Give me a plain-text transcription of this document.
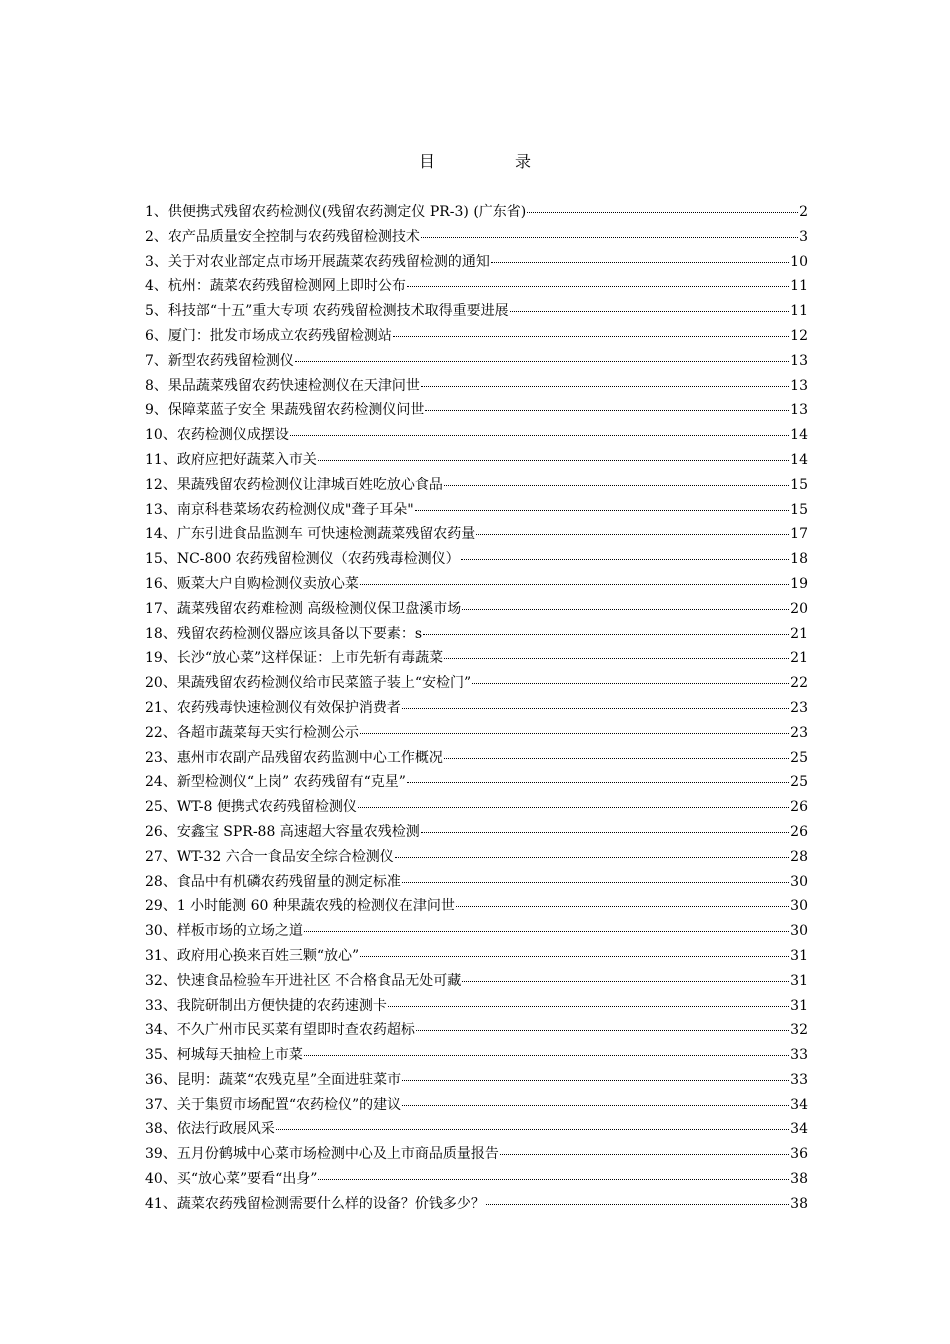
目录
1、供便携式残留农药检测仪(残留农药测定仪 PR-3) (广东省)	2
2、农产品质量安全控制与农药残留检测技术	3
3、关于对农业部定点市场开展蔬菜农药残留检测的通知	10
4、杭州：蔬菜农药残留检测网上即时公布	11
5、科技部“十五”重大专项 农药残留检测技术取得重要进展	11
6、厦门：批发市场成立农药残留检测站	12
7、新型农药残留检测仪	13
8、果品蔬菜残留农药快速检测仪在天津问世	13
9、保障菜蓝子安全 果蔬残留农药检测仪问世	13
10、农药检测仪成摆设	14
11、政府应把好蔬菜入市关	14
12、果蔬残留农药检测仪让津城百姓吃放心食品	15
13、南京科巷菜场农药检测仪成"聋子耳朵"	15
14、广东引进食品监测车 可快速检测蔬菜残留农药量	17
15、NC-800 农药残留检测仪（农药残毒检测仪）	18
16、贩菜大户自购检测仪卖放心菜	19
17、蔬菜残留农药难检测 高级检测仪保卫盘溪市场	20
18、残留农药检测仪器应该具备以下要素：s	21
19、长沙“放心菜”这样保证：上市先斩有毒蔬菜	21
20、果蔬残留农药检测仪给市民菜篮子装上“安检门”	22
21、农药残毒快速检测仪有效保护消费者	23
22、各超市蔬菜每天实行检测公示	23
23、惠州市农副产品残留农药监测中心工作概况	25
24、新型检测仪“上岗” 农药残留有“克星”	25
25、WT-8 便携式农药残留检测仪	26
26、安鑫宝 SPR-88 高速超大容量农残检测	26
27、WT-32 六合一食品安全综合检测仪	28
28、食品中有机磷农药残留量的测定标准	30
29、1 小时能测 60 种果蔬农残的检测仪在津问世	30
30、样板市场的立场之道	30
31、政府用心换来百姓三颗“放心”	31
32、快速食品检验车开进社区 不合格食品无处可藏	31
33、我院研制出方便快捷的农药速测卡	31
34、不久广州市民买菜有望即时查农药超标	32
35、柯城每天抽检上市菜	33
36、昆明：蔬菜“农残克星”全面进驻菜市	33
37、关于集贸市场配置“农药检仪”的建议	34
38、依法行政展风采	34
39、五月份鹤城中心菜市场检测中心及上市商品质量报告	36
40、买“放心菜”要看“出身”	38
41、蔬菜农药残留检测需要什么样的设备？价钱多少？	38
